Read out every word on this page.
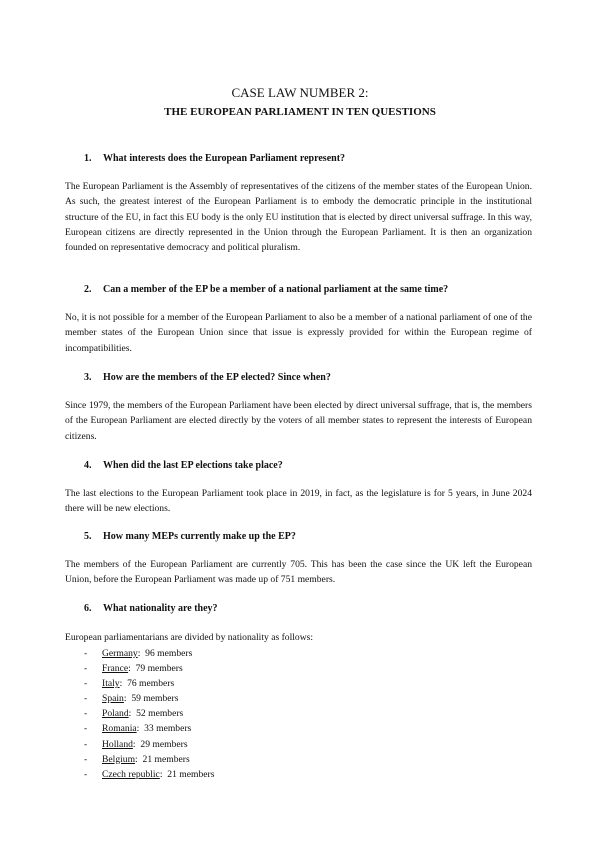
CASE LAW NUMBER 2:
THE EUROPEAN PARLIAMENT IN TEN QUESTIONS
1. What interests does the European Parliament represent?
The European Parliament is the Assembly of representatives of the citizens of the member states of the European Union. As such, the greatest interest of the European Parliament is to embody the democratic principle in the institutional structure of the EU, in fact this EU body is the only EU institution that is elected by direct universal suffrage. In this way, European citizens are directly represented in the Union through the European Parliament. It is then an organization founded on representative democracy and political pluralism.
2. Can a member of the EP be a member of a national parliament at the same time?
No, it is not possible for a member of the European Parliament to also be a member of a national parliament of one of the member states of the European Union since that issue is expressly provided for within the European regime of incompatibilities.
3. How are the members of the EP elected? Since when?
Since 1979, the members of the European Parliament have been elected by direct universal suffrage, that is, the members of the European Parliament are elected directly by the voters of all member states to represent the interests of European citizens.
4. When did the last EP elections take place?
The last elections to the European Parliament took place in 2019, in fact, as the legislature is for 5 years, in June 2024 there will be new elections.
5. How many MEPs currently make up the EP?
The members of the European Parliament are currently 705. This has been the case since the UK left the European Union, before the European Parliament was made up of 751 members.
6. What nationality are they?
European parliamentarians are divided by nationality as follows:
- Germany: 96 members
- France: 79 members
- Italy: 76 members
- Spain: 59 members
- Poland: 52 members
- Romania: 33 members
- Holland: 29 members
- Belgium: 21 members
- Czech republic: 21 members
